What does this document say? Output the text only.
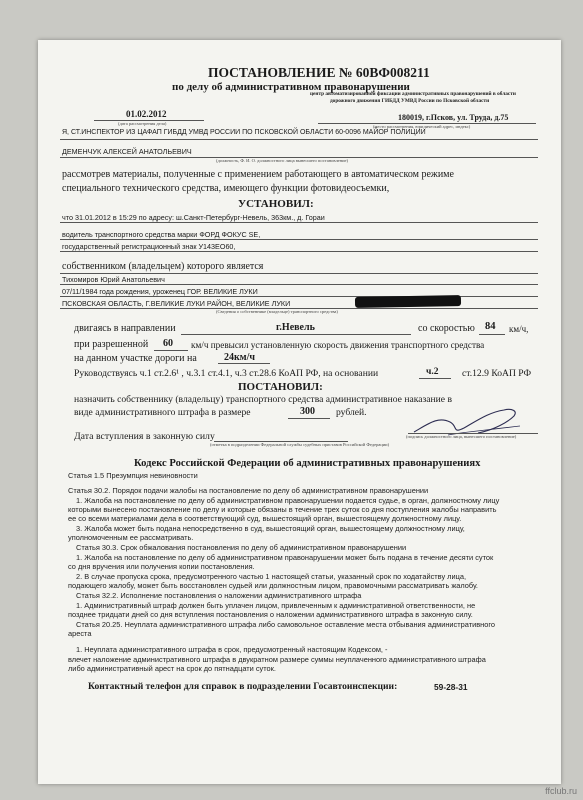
ПОСТАНОВЛЕНИЕ № 60ВФ008211
по делу об административном правонарушении
центр автоматизированной фиксации административных правонарушений в области
дорожного движения ГИБДД УМВД России по Псковской области
01.02.2012
(дата рассмотрения дела)
180019, г.Псков, ул. Труда, д.75
(место рассмотрения, юридический адрес, индекс)
Я, СТ.ИНСПЕКТОР ИЗ ЦАФАП ГИБДД УМВД РОССИИ ПО ПСКОВСКОЙ ОБЛАСТИ 60-0096 МАЙОР ПОЛИЦИИ
ДЕМЕНЧУК АЛЕКСЕЙ АНАТОЛЬЕВИЧ
(должность, Ф. И. О. должностного лица вынесшего постановление)
рассмотрев материалы, полученные с применением работающего в автоматическом режиме
специального технического средства, имеющего функции фотовидеосъемки,
УСТАНОВИЛ:
что 31.01.2012 в 15:29 по адресу: ш.Санкт-Петербург-Невель, 363км., д. Гораи
водитель транспортного средства марки ФОРД ФОКУС SE,
государственный регистрационный знак У143ЕО60,
собственником (владельцем) которого является
Тихомиров Юрий Анатольевич
07/11/1984 года рождения, уроженец ГОР. ВЕЛИКИЕ ЛУКИ
ПСКОВСКАЯ ОБЛАСТЬ, Г.ВЕЛИКИЕ ЛУКИ РАЙОН, ВЕЛИКИЕ ЛУКИ
(Сведения о собственнике (владельце) транспортного средства)
двигаясь в направлении	г.Невель	со скоростью 84 км/ч,
при разрешенной 60 км/ч превысил установленную скорость движения транспортного средства
на данном участке дороги на	24км/ч
Руководствуясь ч.1 ст.2.6¹ , ч.3.1 ст.4.1, ч.3 ст.28.6 КоАП РФ, на основании	ч.2 ст.12.9 КоАП РФ
ПОСТАНОВИЛ:
назначить собственнику (владельцу) транспортного средства административное наказание в
виде административного штрафа в размере	300 рублей.
Дата вступления в законную силу	(подпись должностного лица, вынесшего постановление)
(отметка в подразделении Федеральной службы судебных приставов Российской Федерации)
Кодекс Российской Федерации об административных правонарушениях
Статья 1.5 Презумпция невиновности
Статья 30.2. Порядок подачи жалобы на постановление по делу об административном правонарушении
1. Жалоба на постановление по делу об административном правонарушении подается судье, в орган, должностному лицу
которыми вынесено постановление по делу и которые обязаны в течение трех суток со дня поступления жалобы направить
ее со всеми материалами дела в соответствующий суд, вышестоящий орган, вышестоящему должностному лицу.
3. Жалоба может быть подана непосредственно в суд, вышестоящий орган, вышестоящему должностному лицу,
уполномоченным ее рассматривать.
Статья 30.3. Срок обжалования постановления по делу об административном правонарушении
1. Жалоба на постановление по делу об административном правонарушении может быть подана в течение десяти суток
со дня вручения или получения копии постановления.
2. В случае пропуска срока, предусмотренного частью 1 настоящей статьи, указанный срок по ходатайству лица,
подающего жалобу, может быть восстановлен судьей или должностным лицом, правомочными рассматривать жалобу.
Статья 32.2. Исполнение постановления о наложении административного штрафа
1. Административный штраф должен быть уплачен лицом, привлеченным к административной ответственности, не
позднее тридцати дней со дня вступления постановления о наложении административного штрафа в законную силу.
Статья 20.25. Неуплата административного штрафа либо самовольное оставление места отбывания административного
ареста
1. Неуплата административного штрафа в срок, предусмотренный настоящим Кодексом, -
влечет наложение административного штрафа в двукратном размере суммы неуплаченного административного штрафа
либо административный арест на срок до пятнадцати суток.
Контактный телефон для справок в подразделении Госавтоинспекции:	59-28-31
ffclub.ru
